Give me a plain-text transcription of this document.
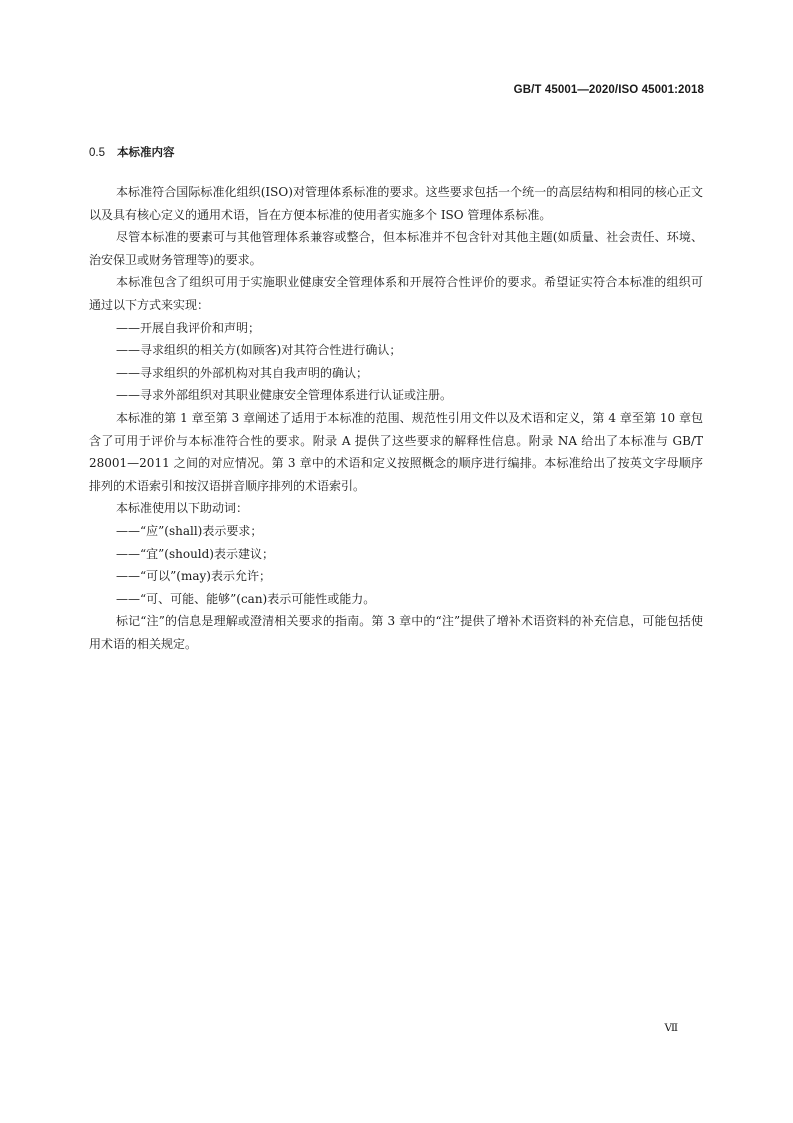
GB/T 45001—2020/ISO 45001:2018
0.5 本标准内容

本标准符合国际标准化组织(ISO)对管理体系标准的要求。这些要求包括一个统一的高层结构和相同的核心正文以及具有核心定义的通用术语，旨在方便本标准的使用者实施多个 ISO 管理体系标准。

尽管本标准的要素可与其他管理体系兼容或整合，但本标准并不包含针对其他主题(如质量、社会责任、环境、治安保卫或财务管理等)的要求。

本标准包含了组织可用于实施职业健康安全管理体系和开展符合性评价的要求。希望证实符合本标准的组织可通过以下方式来实现：

——开展自我评价和声明；

——寻求组织的相关方(如顾客)对其符合性进行确认；

——寻求组织的外部机构对其自我声明的确认；

——寻求外部组织对其职业健康安全管理体系进行认证或注册。

本标准的第 1 章至第 3 章阐述了适用于本标准的范围、规范性引用文件以及术语和定义，第 4 章至第 10 章包含了可用于评价与本标准符合性的要求。附录 A 提供了这些要求的解释性信息。附录 NA 给出了本标准与 GB/T 28001—2011 之间的对应情况。第 3 章中的术语和定义按照概念的顺序进行编排。本标准给出了按英文字母顺序排列的术语索引和按汉语拼音顺序排列的术语索引。

本标准使用以下助动词：

——“应”(shall)表示要求；

——“宜”(should)表示建议；

——“可以”(may)表示允许；

——“可、可能、能够”(can)表示可能性或能力。

标记“注”的信息是理解或澄清相关要求的指南。第 3 章中的“注”提供了增补术语资料的补充信息，可能包括使用术语的相关规定。

Ⅶ
